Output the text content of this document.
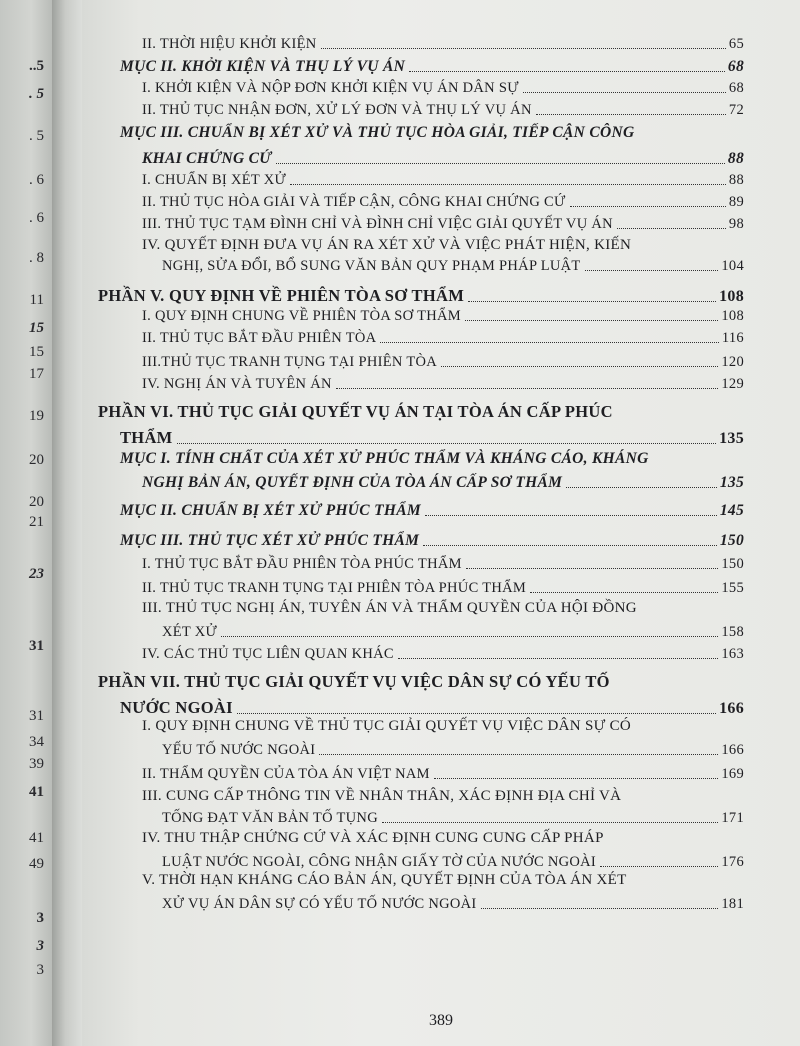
..5
. 5
. 5
. 6
. 6
. 8
11
15
15
17
19
20
20
21
23
31
31
34
39
41
41
49
3
3
3
II. THỜI HIỆU KHỞI KIỆN	65
MỤC II. KHỞI KIỆN VÀ THỤ LÝ VỤ ÁN	68
I. KHỞI KIỆN VÀ NỘP ĐƠN KHỞI KIỆN VỤ ÁN DÂN SỰ	68
II. THỦ TỤC NHẬN ĐƠN, XỬ LÝ ĐƠN VÀ THỤ LÝ VỤ ÁN	72
MỤC III. CHUẨN BỊ XÉT XỬ VÀ THỦ TỤC HÒA GIẢI, TIẾP CẬN CÔNG
KHAI CHỨNG CỨ	88
I. CHUẨN BỊ XÉT XỬ	88
II. THỦ TỤC HÒA GIẢI VÀ TIẾP CẬN, CÔNG KHAI CHỨNG CỨ	89
III. THỦ TỤC TẠM ĐÌNH CHỈ VÀ ĐÌNH CHỈ VIỆC GIẢI QUYẾT VỤ ÁN	98
IV. QUYẾT ĐỊNH ĐƯA VỤ ÁN RA XÉT XỬ VÀ VIỆC PHÁT HIỆN, KIẾN
NGHỊ, SỬA ĐỔI, BỔ SUNG VĂN BẢN QUY PHẠM PHÁP LUẬT	104
PHẦN V. QUY ĐỊNH VỀ PHIÊN TÒA SƠ THẨM	108
I. QUY ĐỊNH CHUNG VỀ PHIÊN TÒA SƠ THẨM	108
II. THỦ TỤC BẮT ĐẦU PHIÊN TÒA	116
III.THỦ TỤC TRANH TỤNG TẠI PHIÊN TÒA	120
IV. NGHỊ ÁN VÀ TUYÊN ÁN	129
PHẦN VI. THỦ TỤC GIẢI QUYẾT VỤ ÁN TẠI TÒA ÁN CẤP PHÚC
THẨM	135
MỤC I. TÍNH CHẤT CỦA XÉT XỬ PHÚC THẨM VÀ KHÁNG CÁO, KHÁNG
NGHỊ BẢN ÁN, QUYẾT ĐỊNH CỦA TÒA ÁN CẤP SƠ THẨM	135
MỤC II. CHUẨN BỊ XÉT XỬ PHÚC THẨM	145
MỤC III. THỦ TỤC XÉT XỬ PHÚC THẨM	150
I. THỦ TỤC BẮT ĐẦU PHIÊN TÒA PHÚC THẨM	150
II. THỦ TỤC TRANH TỤNG TẠI PHIÊN TÒA PHÚC THẨM	155
III. THỦ TỤC NGHỊ ÁN, TUYÊN ÁN VÀ THẨM QUYỀN CỦA HỘI ĐỒNG
XÉT XỬ	158
IV. CÁC THỦ TỤC LIÊN QUAN KHÁC	163
PHẦN VII. THỦ TỤC GIẢI QUYẾT VỤ VIỆC DÂN SỰ CÓ YẾU TỐ
NƯỚC NGOÀI	166
I. QUY ĐỊNH CHUNG VỀ THỦ TỤC GIẢI QUYẾT VỤ VIỆC DÂN SỰ CÓ
YẾU TỐ NƯỚC NGOÀI	166
II. THẨM QUYỀN CỦA TÒA ÁN VIỆT NAM	169
III. CUNG CẤP THÔNG TIN VỀ NHÂN THÂN, XÁC ĐỊNH ĐỊA CHỈ VÀ
TỐNG ĐẠT VĂN BẢN TỐ TỤNG	171
IV. THU THẬP CHỨNG CỨ VÀ XÁC ĐỊNH CUNG CUNG CẤP PHÁP
LUẬT NƯỚC NGOÀI, CÔNG NHẬN GIẤY TỜ CỦA NƯỚC NGOÀI	176
V. THỜI HẠN KHÁNG CÁO BẢN ÁN, QUYẾT ĐỊNH CỦA TÒA ÁN XÉT
XỬ VỤ ÁN DÂN SỰ CÓ YẾU TỐ NƯỚC NGOÀI	181
389
